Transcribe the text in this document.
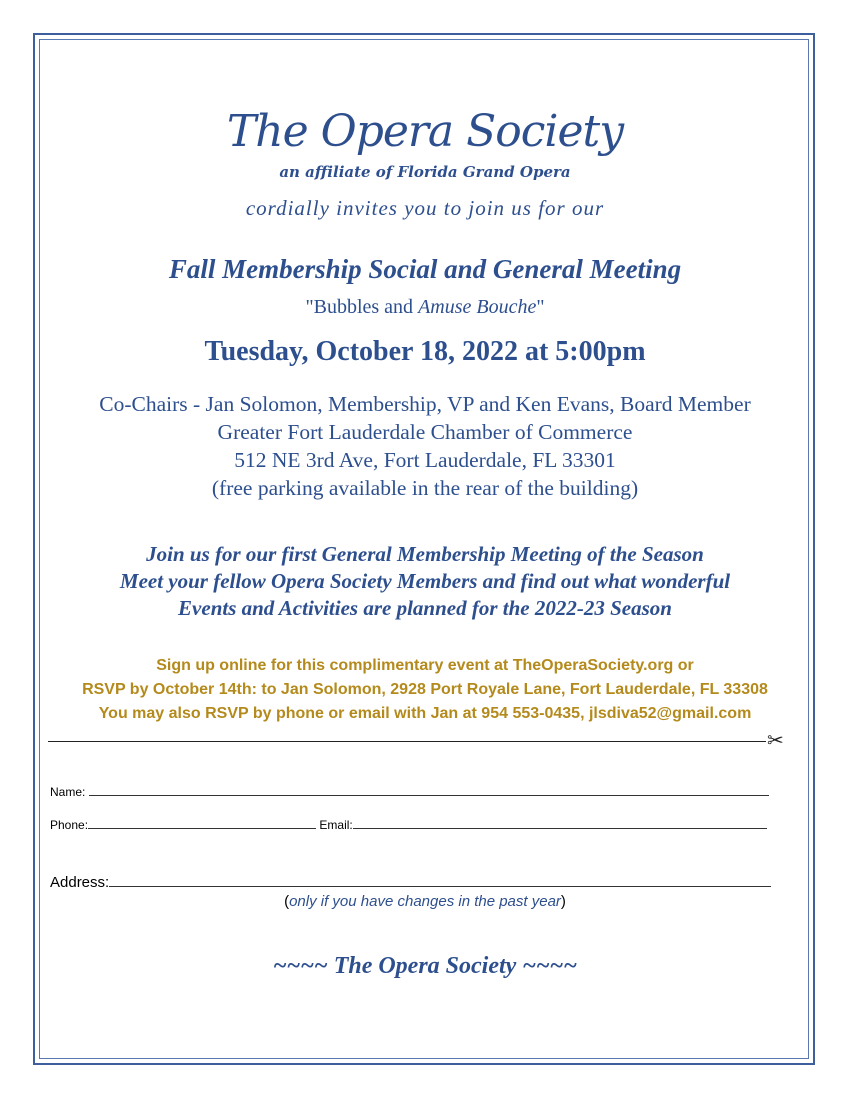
The Opera Society
an affiliate of Florida Grand Opera
cordially invites you to join us for our
Fall Membership Social and General Meeting
"Bubbles and Amuse Bouche"
Tuesday, October 18, 2022 at 5:00pm
Co-Chairs - Jan Solomon, Membership, VP and Ken Evans, Board Member
Greater Fort Lauderdale Chamber of Commerce
512 NE 3rd Ave, Fort Lauderdale, FL 33301
(free parking available in the rear of the building)
Join us for our first General Membership Meeting of the Season
Meet your fellow Opera Society Members and find out what wonderful
Events and Activities are planned for the 2022-23 Season
Sign up online for this complimentary event at TheOperaSociety.org or
RSVP by October 14th: to Jan Solomon, 2928 Port Royale Lane, Fort Lauderdale, FL 33308
You may also RSVP by phone or email with Jan at 954 553-0435, jlsdiva52@gmail.com
✂
Name:
Phone:	Email:
Address:
(only if you have changes in the past year)
~~~~ The Opera Society ~~~~
